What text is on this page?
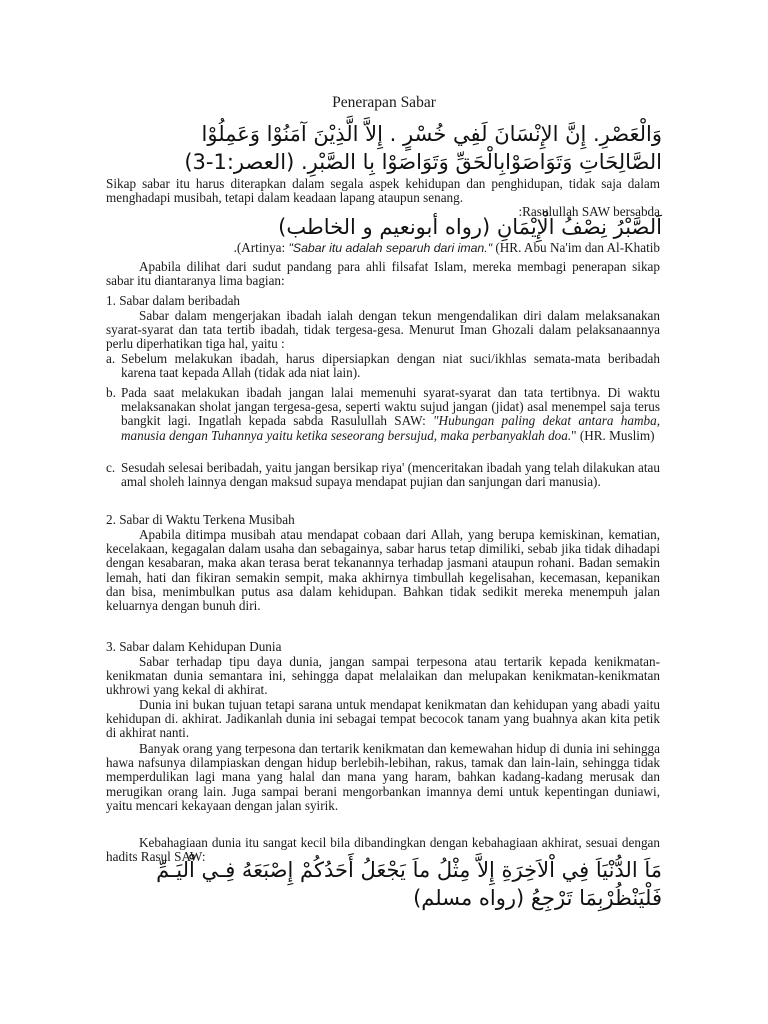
Penerapan Sabar
وَالْعَصْرِ. إِنَّ الإِنْسَانَ لَفِي خُسْرٍ . إِلاَّ الَّذِيْنَ آمَنُوْا وَعَمِلُوْا
الصَّالِحَاتِ وَتَوَاصَوْابِالْحَقِّ وَتَوَاصَوْا بِا الصَّبْرِ. (العصر:1-3)
Sikap sabar itu harus diterapkan dalam segala aspek kehidupan dan penghidupan, tidak saja dalam menghadapi musibah, tetapi dalam keadaan lapang ataupun senang.
:Rasulullah SAW bersabda
اَلصَّبْرُ نِصْفُ الْإِيْمَانِ (رواه أبونعيم و الخاطب)
.(Artinya: "Sabar itu adalah separuh dari iman." (HR. Abu Na'im dan Al-Khatib
Apabila dilihat dari sudut pandang para ahli filsafat Islam, mereka membagi penerapan sikap sabar itu diantaranya lima bagian:
1. Sabar dalam beribadah
Sabar dalam mengerjakan ibadah ialah dengan tekun mengendalikan diri dalam melaksanakan syarat-syarat dan tata tertib ibadah, tidak tergesa-gesa. Menurut Iman Ghozali dalam pelaksanaannya perlu diperhatikan tiga hal, yaitu :
a. Sebelum melakukan ibadah, harus dipersiapkan dengan niat suci/ikhlas semata-mata beribadah karena taat kepada Allah (tidak ada niat lain).
b. Pada saat melakukan ibadah jangan lalai memenuhi syarat-syarat dan tata tertibnya. Di waktu melaksanakan sholat jangan tergesa-gesa, seperti waktu sujud jangan (jidat) asal menempel saja terus bangkit lagi. Ingatlah kepada sabda Rasulullah SAW: "Hubungan paling dekat antara hamba, manusia dengan Tuhannya yaitu ketika seseorang bersujud, maka perbanyaklah doa." (HR. Muslim)
c. Sesudah selesai beribadah, yaitu jangan bersikap riya' (menceritakan ibadah yang telah dilakukan atau amal sholeh lainnya dengan maksud supaya mendapat pujian dan sanjungan dari manusia).
2. Sabar di Waktu Terkena Musibah
Apabila ditimpa musibah atau mendapat cobaan dari Allah, yang berupa kemiskinan, kematian, kecelakaan, kegagalan dalam usaha dan sebagainya, sabar harus tetap dimiliki, sebab jika tidak dihadapi dengan kesabaran, maka akan terasa berat tekanannya terhadap jasmani ataupun rohani. Badan semakin lemah, hati dan fikiran semakin sempit, maka akhirnya timbullah kegelisahan, kecemasan, kepanikan dan bisa, menimbulkan putus asa dalam kehidupan. Bahkan tidak sedikit mereka menempuh jalan keluarnya dengan bunuh diri.
3. Sabar dalam Kehidupan Dunia
Sabar terhadap tipu daya dunia, jangan sampai terpesona atau tertarik kepada kenikmatan-kenikmatan dunia semantara ini, sehingga dapat melalaikan dan melupakan kenikmatan-kenikmatan ukhrowi yang kekal di akhirat.
Dunia ini bukan tujuan tetapi sarana untuk mendapat kenikmatan dan kehidupan yang abadi yaitu kehidupan di. akhirat. Jadikanlah dunia ini sebagai tempat becocok tanam yang buahnya akan kita petik di akhirat nanti.
Banyak orang yang terpesona dan tertarik kenikmatan dan kemewahan hidup di dunia ini sehingga hawa nafsunya dilampiaskan dengan hidup berlebih-lebihan, rakus, tamak dan lain-lain, sehingga tidak memperdulikan lagi mana yang halal dan mana yang haram, bahkan kadang-kadang merusak dan merugikan orang lain. Juga sampai berani mengorbankan imannya demi untuk kepentingan duniawi, yaitu mencari kekayaan dengan jalan syirik.
Kebahagiaan dunia itu sangat kecil bila dibandingkan dengan kebahagiaan akhirat, sesuai dengan hadits Rasul SAW:
مَاَ الدُّنْيَاَ فِي اْلاَخِرَةِ إِلاَّ مِثْلُ ماَ يَجْعَلُ أَحَدُكُمْ إِصْبَعَهُ فِـي اْليَـمِّ
فَلْيَنْظُرْبِمَا تَرْجِعُ (رواه مسلم)
